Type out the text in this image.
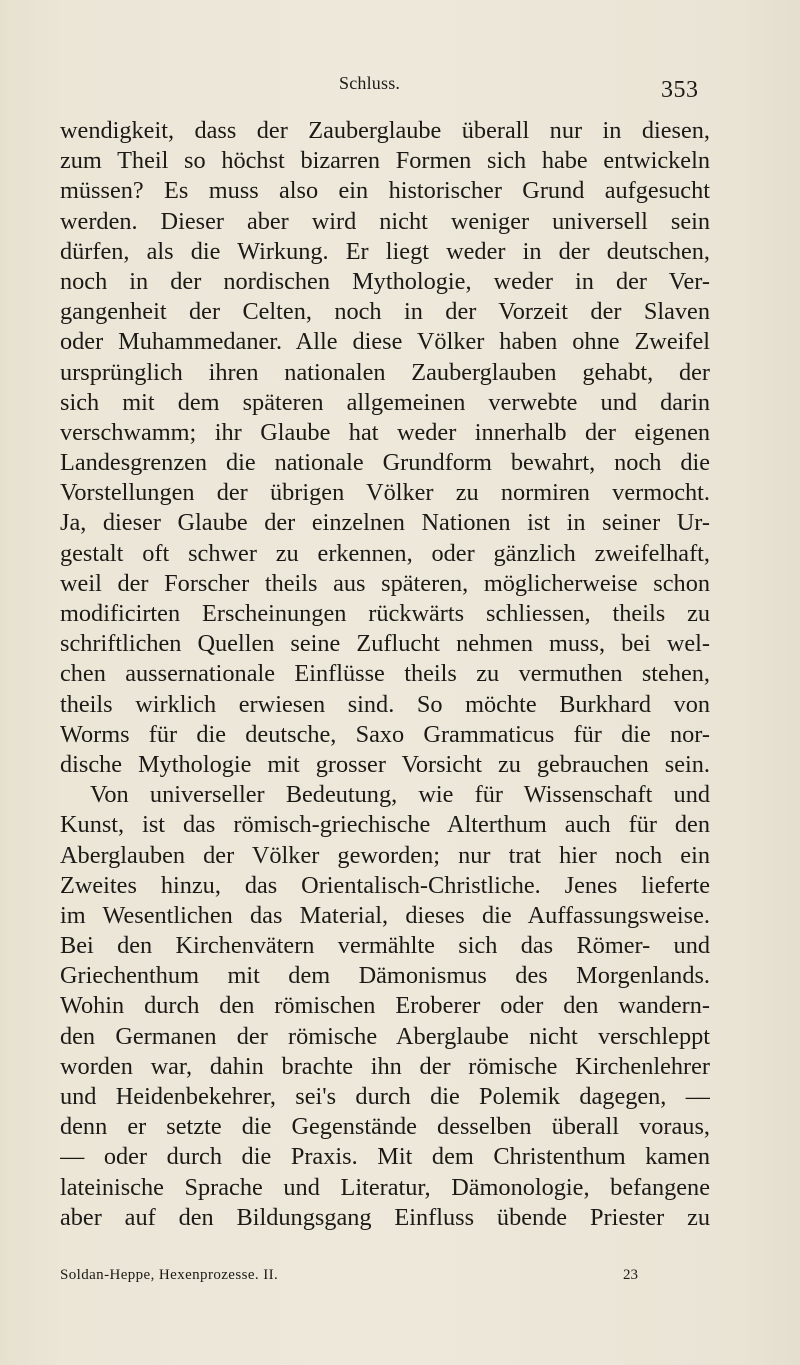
Schluss.	353
wendigkeit, dass der Zauberglaube überall nur in diesen,
zum Theil so höchst bizarren Formen sich habe entwickeln
müssen? Es muss also ein historischer Grund aufgesucht
werden. Dieser aber wird nicht weniger universell sein
dürfen, als die Wirkung. Er liegt weder in der deutschen,
noch in der nordischen Mythologie, weder in der Ver-
gangenheit der Celten, noch in der Vorzeit der Slaven
oder Muhammedaner. Alle diese Völker haben ohne Zweifel
ursprünglich ihren nationalen Zauberglauben gehabt, der
sich mit dem späteren allgemeinen verwebte und darin
verschwamm; ihr Glaube hat weder innerhalb der eigenen
Landesgrenzen die nationale Grundform bewahrt, noch die
Vorstellungen der übrigen Völker zu normiren vermocht.
Ja, dieser Glaube der einzelnen Nationen ist in seiner Ur-
gestalt oft schwer zu erkennen, oder gänzlich zweifelhaft,
weil der Forscher theils aus späteren, möglicherweise schon
modificirten Erscheinungen rückwärts schliessen, theils zu
schriftlichen Quellen seine Zuflucht nehmen muss, bei wel-
chen aussernationale Einflüsse theils zu vermuthen stehen,
theils wirklich erwiesen sind. So möchte Burkhard von
Worms für die deutsche, Saxo Grammaticus für die nor-
dische Mythologie mit grosser Vorsicht zu gebrauchen sein.
Von universeller Bedeutung, wie für Wissenschaft und
Kunst, ist das römisch-griechische Alterthum auch für den
Aberglauben der Völker geworden; nur trat hier noch ein
Zweites hinzu, das Orientalisch-Christliche. Jenes lieferte
im Wesentlichen das Material, dieses die Auffassungsweise.
Bei den Kirchenvätern vermählte sich das Römer- und
Griechenthum mit dem Dämonismus des Morgenlands.
Wohin durch den römischen Eroberer oder den wandern-
den Germanen der römische Aberglaube nicht verschleppt
worden war, dahin brachte ihn der römische Kirchenlehrer
und Heidenbekehrer, sei's durch die Polemik dagegen, —
denn er setzte die Gegenstände desselben überall voraus,
— oder durch die Praxis. Mit dem Christenthum kamen
lateinische Sprache und Literatur, Dämonologie, befangene
aber auf den Bildungsgang Einfluss übende Priester zu
Soldan-Heppe, Hexenprozesse. II.	23
